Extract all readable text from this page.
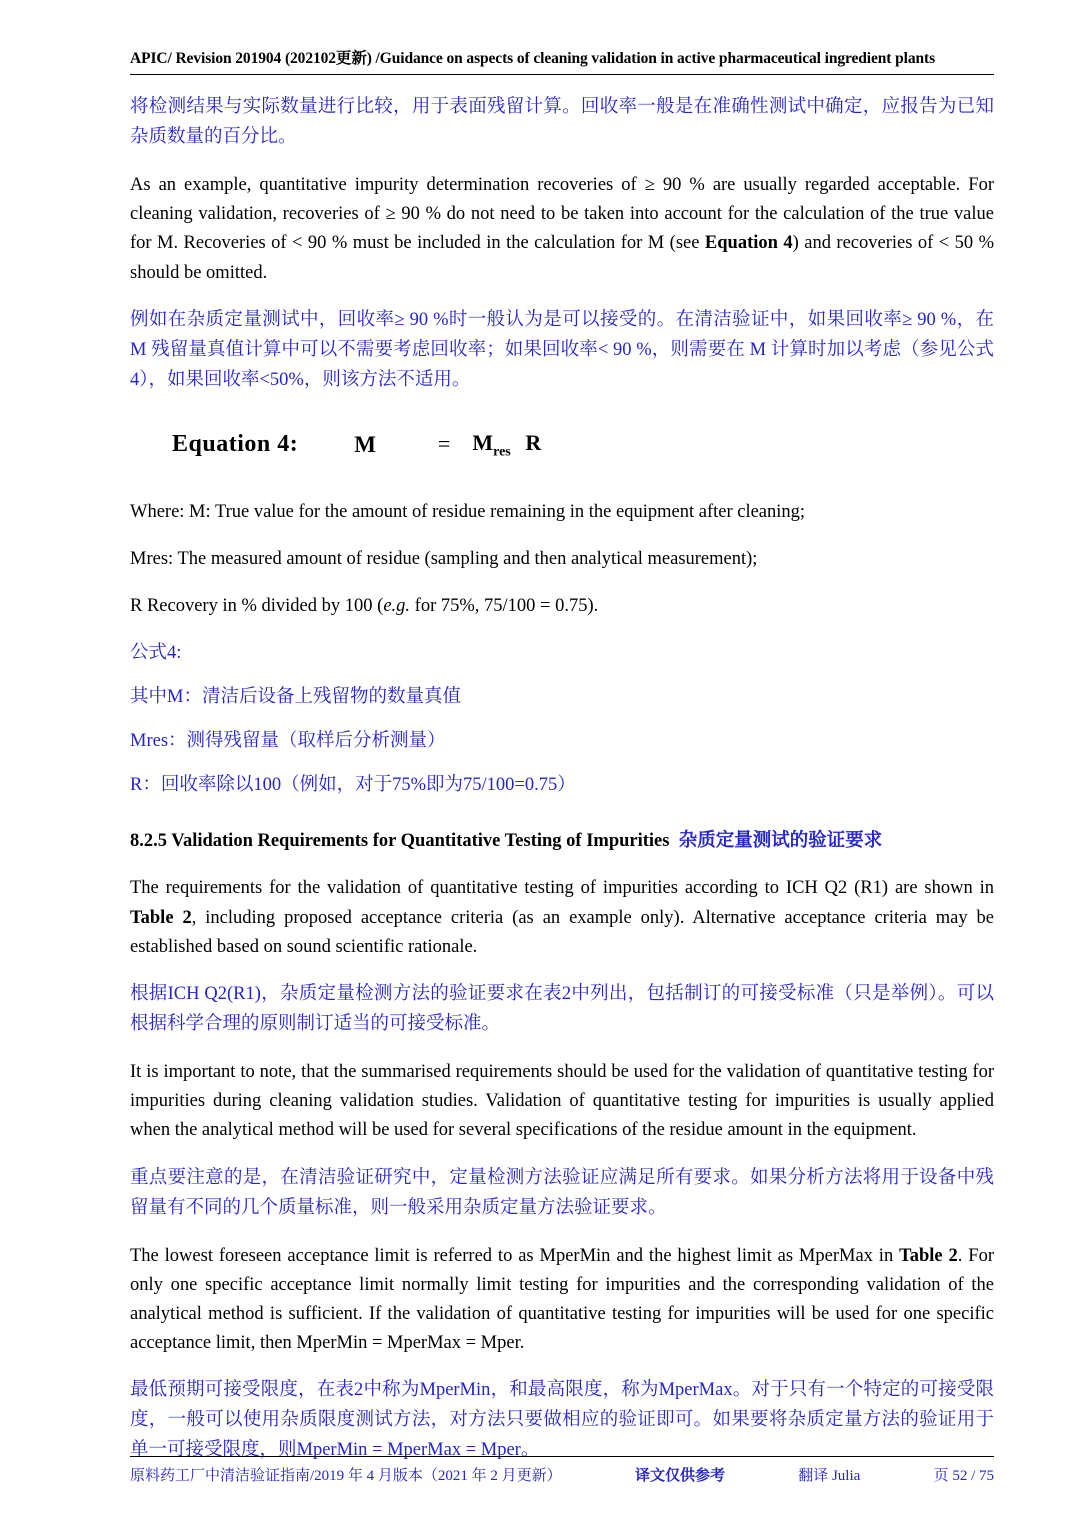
APIC/ Revision 201904 (202102更新) /Guidance on aspects of cleaning validation in active pharmaceutical ingredient plants

将检测结果与实际数量进行比较，用于表面残留计算。回收率一般是在准确性测试中确定，应报告为已知杂质数量的百分比。

As an example, quantitative impurity determination recoveries of ≥ 90 % are usually regarded acceptable. For cleaning validation, recoveries of ≥ 90 % do not need to be taken into account for the calculation of the true value for M. Recoveries of < 90 % must be included in the calculation for M (see Equation 4) and recoveries of < 50 % should be omitted.

例如在杂质定量测试中，回收率≥ 90 %时一般认为是可以接受的。在清洁验证中，如果回收率≥ 90 %，在 M 残留量真值计算中可以不需要考虑回收率；如果回收率< 90 %，则需要在 M 计算时加以考虑（参见公式 4），如果回收率<50%，则该方法不适用。

Equation 4: M	=	$M_{res}$ R

Where: M: True value for the amount of residue remaining in the equipment after cleaning;

Mres: The measured amount of residue (sampling and then analytical measurement);

R Recovery in % divided by 100 (e.g. for 75%, 75/100 = 0.75).

公式4:

其中M：清洁后设备上残留物的数量真值

Mres：测得残留量（取样后分析测量）

R：回收率除以100（例如，对于75%即为75/100=0.75）

8.2.5 Validation Requirements for Quantitative Testing of Impurities 杂质定量测试的验证要求

The requirements for the validation of quantitative testing of impurities according to ICH Q2 (R1) are shown in Table 2, including proposed acceptance criteria (as an example only). Alternative acceptance criteria may be established based on sound scientific rationale.

根据ICH Q2(R1)，杂质定量检测方法的验证要求在表2中列出，包括制订的可接受标准（只是举例）。可以根据科学合理的原则制订适当的可接受标准。

It is important to note, that the summarised requirements should be used for the validation of quantitative testing for impurities during cleaning validation studies. Validation of quantitative testing for impurities is usually applied when the analytical method will be used for several specifications of the residue amount in the equipment.

重点要注意的是，在清洁验证研究中，定量检测方法验证应满足所有要求。如果分析方法将用于设备中残留量有不同的几个质量标准，则一般采用杂质定量方法验证要求。

The lowest foreseen acceptance limit is referred to as MperMin and the highest limit as MperMax in Table 2. For only one specific acceptance limit normally limit testing for impurities and the corresponding validation of the analytical method is sufficient. If the validation of quantitative testing for impurities will be used for one specific acceptance limit, then MperMin = MperMax = Mper.

最低预期可接受限度，在表2中称为MperMin，和最高限度，称为MperMax。对于只有一个特定的可接受限度，一般可以使用杂质限度测试方法，对方法只要做相应的验证即可。如果要将杂质定量方法的验证用于单一可接受限度，则MperMin = MperMax = Mper。

原料药工厂中清洁验证指南/2019 年 4 月版本（2021 年 2 月更新）	译文仅供参考	翻译 Julia	页 52 / 75
